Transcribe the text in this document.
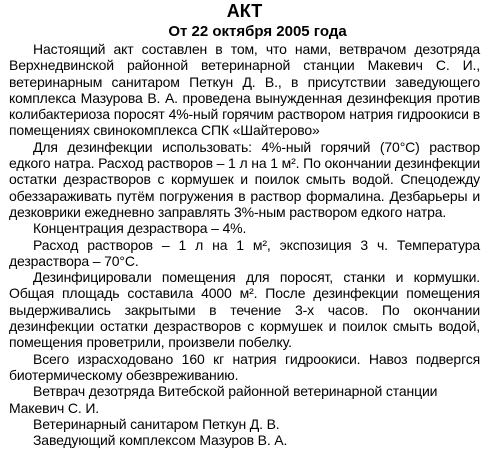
АКТ
От 22 октября 2005 года

Настоящий акт составлен в том, что нами, ветврачом дезотряда Верхнедвинской районной ветеринарной станции Макевич С. И., ветеринарным санитаром Петкун Д. В., в присутствии заведующего комплекса Мазурова В. А. проведена вынужденная дезинфекция против колибактериоза поросят 4%-ный горячим раствором натрия гидроокиси в помещениях свинокомплекса СПК «Шайтерово»

Для дезинфекции использовать: 4%-ный горячий (70°С) раствор едкого натра. Расход растворов – 1 л на 1 м². По окончании дезинфекции остатки дезрастворов с кормушек и поилок смыть водой. Спецодежду обеззараживать путём погружения в раствор формалина. Дезбарьеры и дезковрики ежедневно заправлять 3%-ным раствором едкого натра.

Концентрация дезраствора – 4%.

Расход растворов – 1 л на 1 м², экспозиция 3 ч. Температура дезраствора – 70°С.

Дезинфицировали помещения для поросят, станки и кормушки. Общая площадь составила 4000 м². После дезинфекции помещения выдерживались закрытыми в течение 3-х часов. По окончании дезинфекции остатки дезрастворов с кормушек и поилок смыть водой, помещения проветрили, произвели побелку.

Всего израсходовано 160 кг натрия гидроокиси. Навоз подвергся биотермическому обезвреживанию.

Ветврач дезотряда Витебской районной ветеринарной станции Макевич С. И.

Ветеринарный санитаром Петкун Д. В.

Заведующий комплексом Мазуров В. А.
